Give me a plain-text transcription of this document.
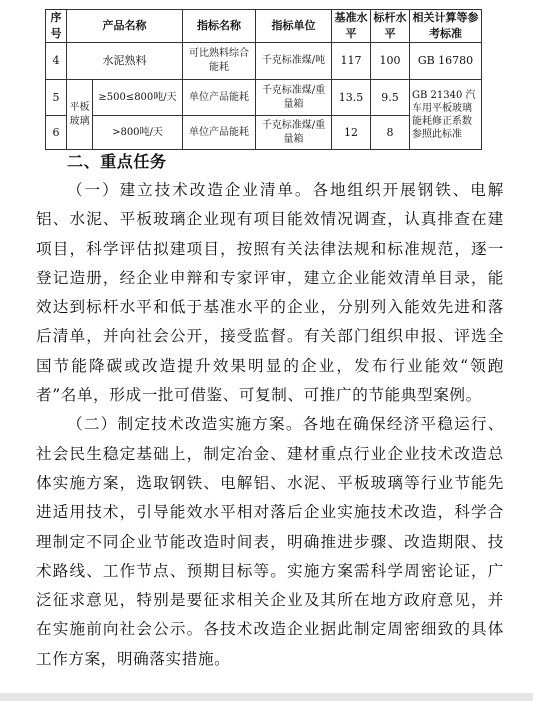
序号	产品名称		指标名称	指标单位	基准水平	标杆水平	相关计算等参考标准
4	水泥熟料		可比熟料综合能耗	千克标准煤/吨	117	100	GB 16780
5	平板玻璃	≥500≤800吨/天	单位产品能耗	千克标准煤/重量箱	13.5	9.5	GB 21340 汽车用平板玻璃能耗修正系数参照此标准
6		>800吨/天	单位产品能耗	千克标准煤/重量箱	12	8	
二、重点任务

（一）建立技术改造企业清单。各地组织开展钢铁、电解铝、水泥、平板玻璃企业现有项目能效情况调查，认真排查在建项目，科学评估拟建项目，按照有关法律法规和标准规范，逐一登记造册，经企业申辩和专家评审，建立企业能效清单目录，能效达到标杆水平和低于基准水平的企业，分别列入能效先进和落后清单，并向社会公开，接受监督。有关部门组织申报、评选全国节能降碳或改造提升效果明显的企业，发布行业能效“领跑者”名单，形成一批可借鉴、可复制、可推广的节能典型案例。

（二）制定技术改造实施方案。各地在确保经济平稳运行、社会民生稳定基础上，制定冶金、建材重点行业企业技术改造总体实施方案，选取钢铁、电解铝、水泥、平板玻璃等行业节能先进适用技术，引导能效水平相对落后企业实施技术改造，科学合理制定不同企业节能改造时间表，明确推进步骤、改造期限、技术路线、工作节点、预期目标等。实施方案需科学周密论证，广泛征求意见，特别是要征求相关企业及其所在地方政府意见，并在实施前向社会公示。各技术改造企业据此制定周密细致的具体工作方案，明确落实措施。
